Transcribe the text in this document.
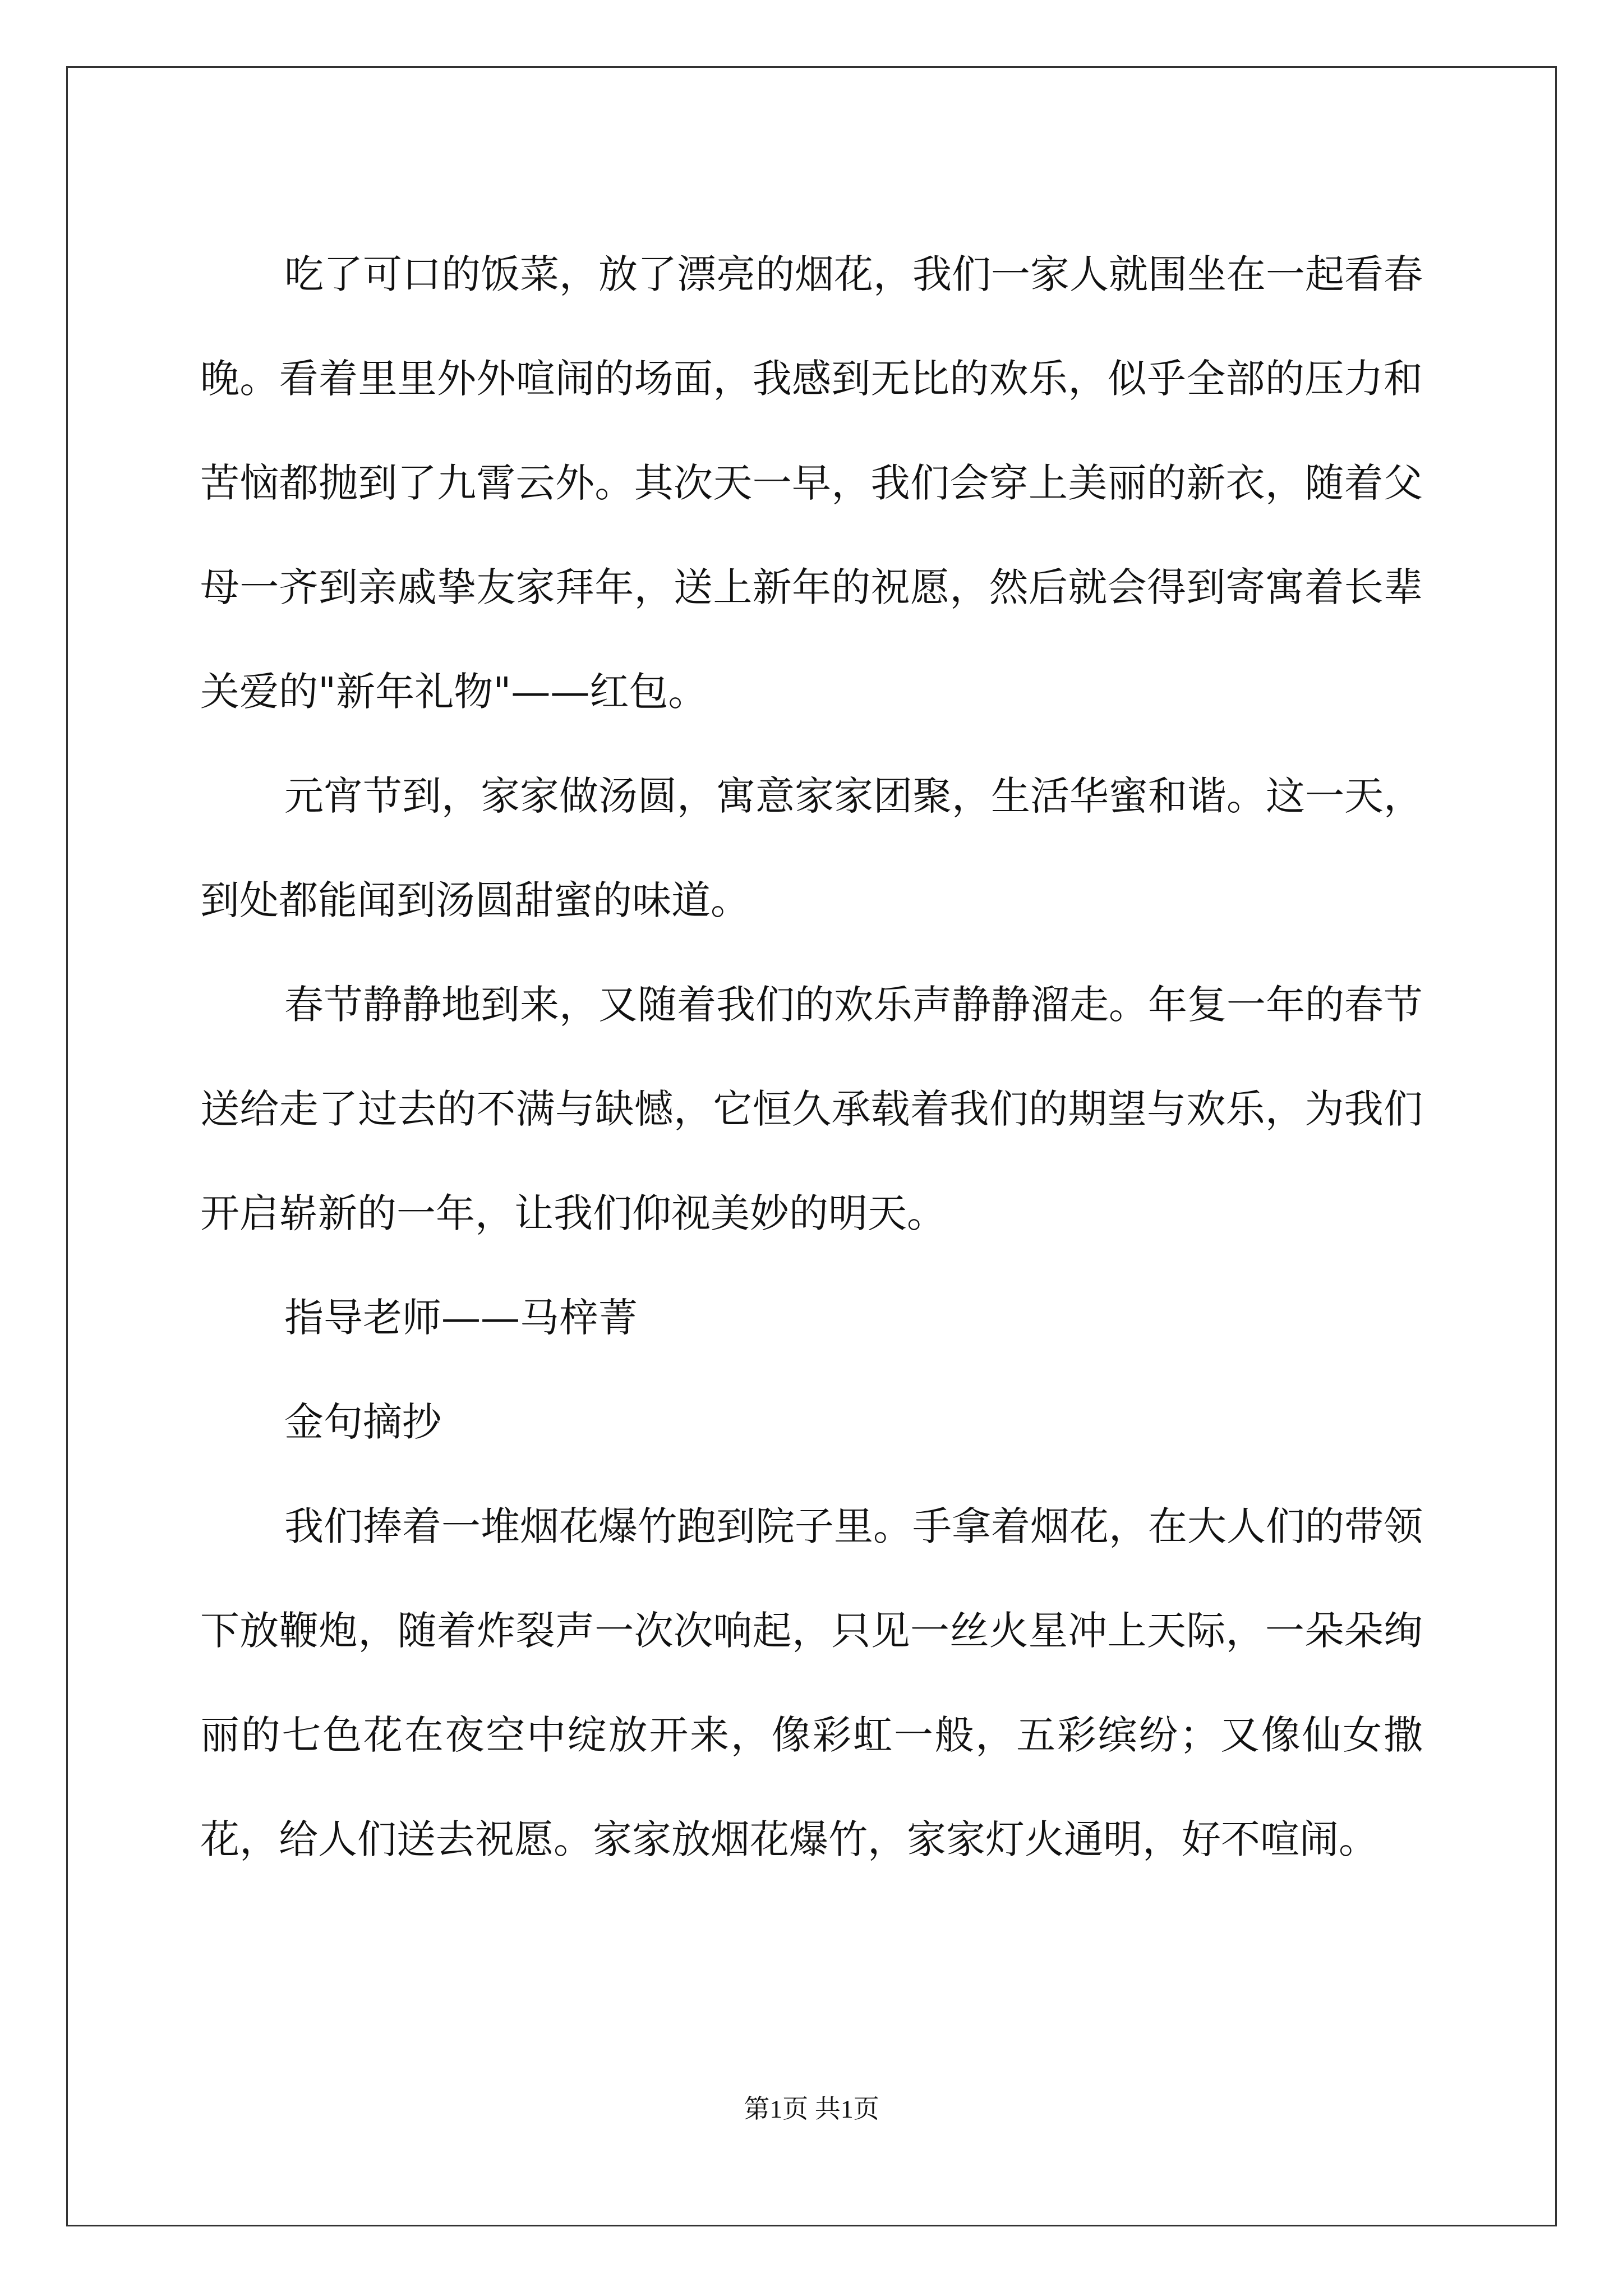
吃了可口的饭菜，放了漂亮的烟花，我们一家人就围坐在一起看春晚。看着里里外外喧闹的场面，我感到无比的欢乐，似乎全部的压力和苦恼都抛到了九霄云外。其次天一早，我们会穿上美丽的新衣，随着父母一齐到亲戚挚友家拜年，送上新年的祝愿，然后就会得到寄寓着长辈关爱的"新年礼物"——红包。

元宵节到，家家做汤圆，寓意家家团聚，生活华蜜和谐。这一天，到处都能闻到汤圆甜蜜的味道。

春节静静地到来，又随着我们的欢乐声静静溜走。年复一年的春节送给走了过去的不满与缺憾，它恒久承载着我们的期望与欢乐，为我们开启崭新的一年，让我们仰视美妙的明天。

指导老师——马梓菁

金句摘抄

我们捧着一堆烟花爆竹跑到院子里。手拿着烟花，在大人们的带领下放鞭炮，随着炸裂声一次次响起，只见一丝火星冲上天际，一朵朵绚丽的七色花在夜空中绽放开来，像彩虹一般，五彩缤纷；又像仙女撒花，给人们送去祝愿。家家放烟花爆竹，家家灯火通明，好不喧闹。

第1页 共1页
